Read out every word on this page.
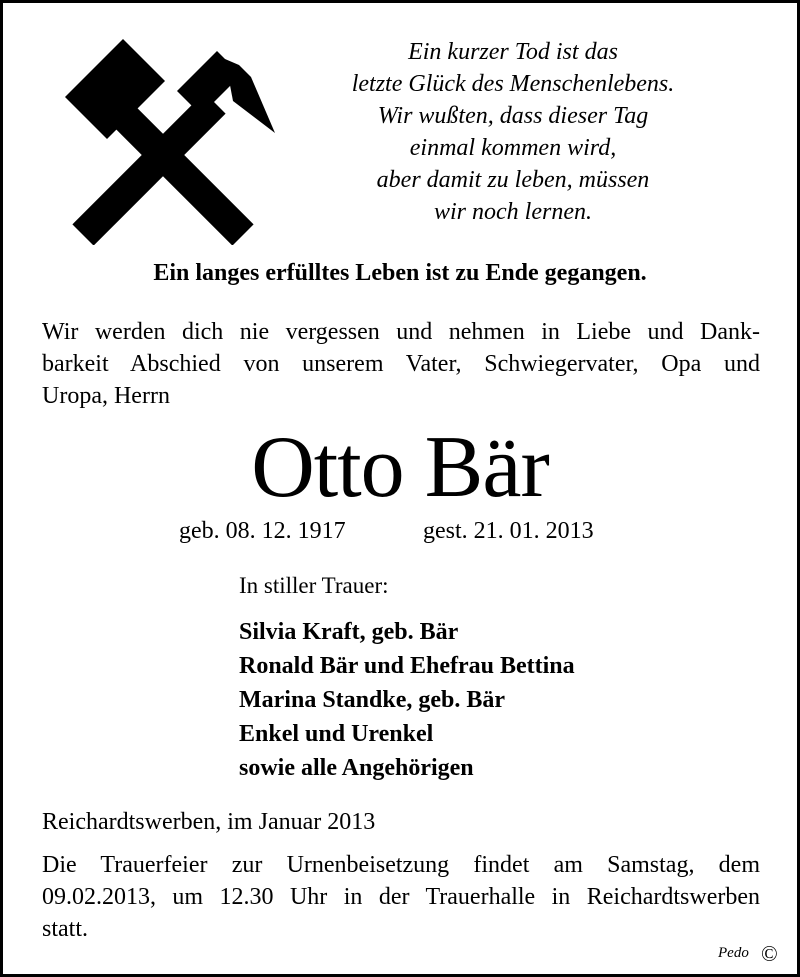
Ein kurzer Tod ist das
letzte Glück des Menschenlebens.
Wir wußten, dass dieser Tag
einmal kommen wird,
aber damit zu leben, müssen
wir noch lernen.
Ein langes erfülltes Leben ist zu Ende gegangen.
Wir werden dich nie vergessen und nehmen in Liebe und Dank-
barkeit Abschied von unserem Vater, Schwiegervater, Opa und
Uropa, Herrn
Otto Bär
geb. 08. 12. 1917	gest. 21. 01. 2013
In stiller Trauer:
Silvia Kraft, geb. Bär
Ronald Bär und Ehefrau Bettina
Marina Standke, geb. Bär
Enkel und Urenkel
sowie alle Angehörigen
Reichardtswerben, im Januar 2013
Die Trauerfeier zur Urnenbeisetzung findet am Samstag, dem
09.02.2013, um 12.30 Uhr in der Trauerhalle in Reichardtswerben
statt.
Pedo ©
